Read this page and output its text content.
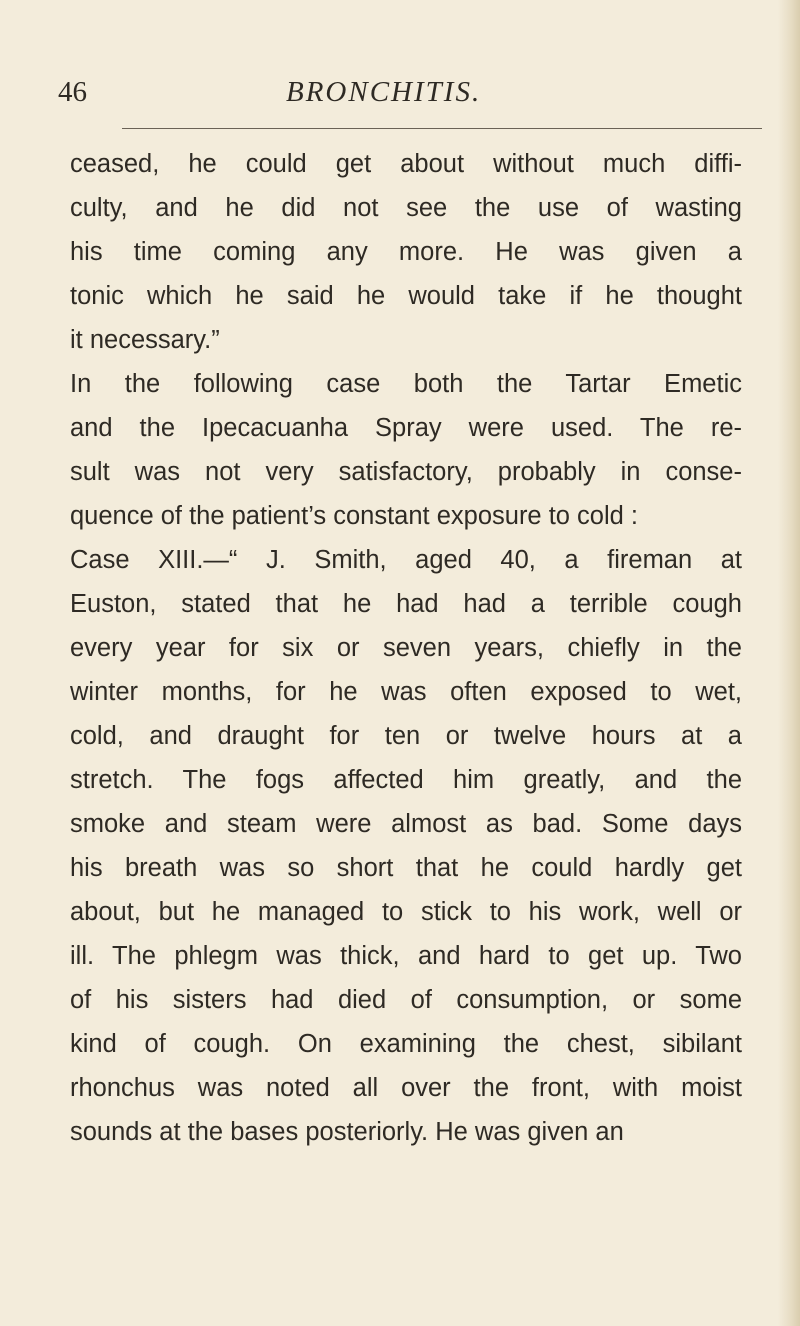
46	BRONCHITIS.
ceased, he could get about without much diffi-
culty, and he did not see the use of wasting
his time coming any more. He was given a
tonic which he said he would take if he thought
it necessary.”
In the following case both the Tartar Emetic
and the Ipecacuanha Spray were used. The re-
sult was not very satisfactory, probably in conse-
quence of the patient’s constant exposure to cold :
Case XIII.—“ J. Smith, aged 40, a fireman at
Euston, stated that he had had a terrible cough
every year for six or seven years, chiefly in the
winter months, for he was often exposed to wet,
cold, and draught for ten or twelve hours at a
stretch. The fogs affected him greatly, and the
smoke and steam were almost as bad. Some days
his breath was so short that he could hardly get
about, but he managed to stick to his work, well or
ill. The phlegm was thick, and hard to get up. Two
of his sisters had died of consumption, or some
kind of cough. On examining the chest, sibilant
rhonchus was noted all over the front, with moist
sounds at the bases posteriorly. He was given an
